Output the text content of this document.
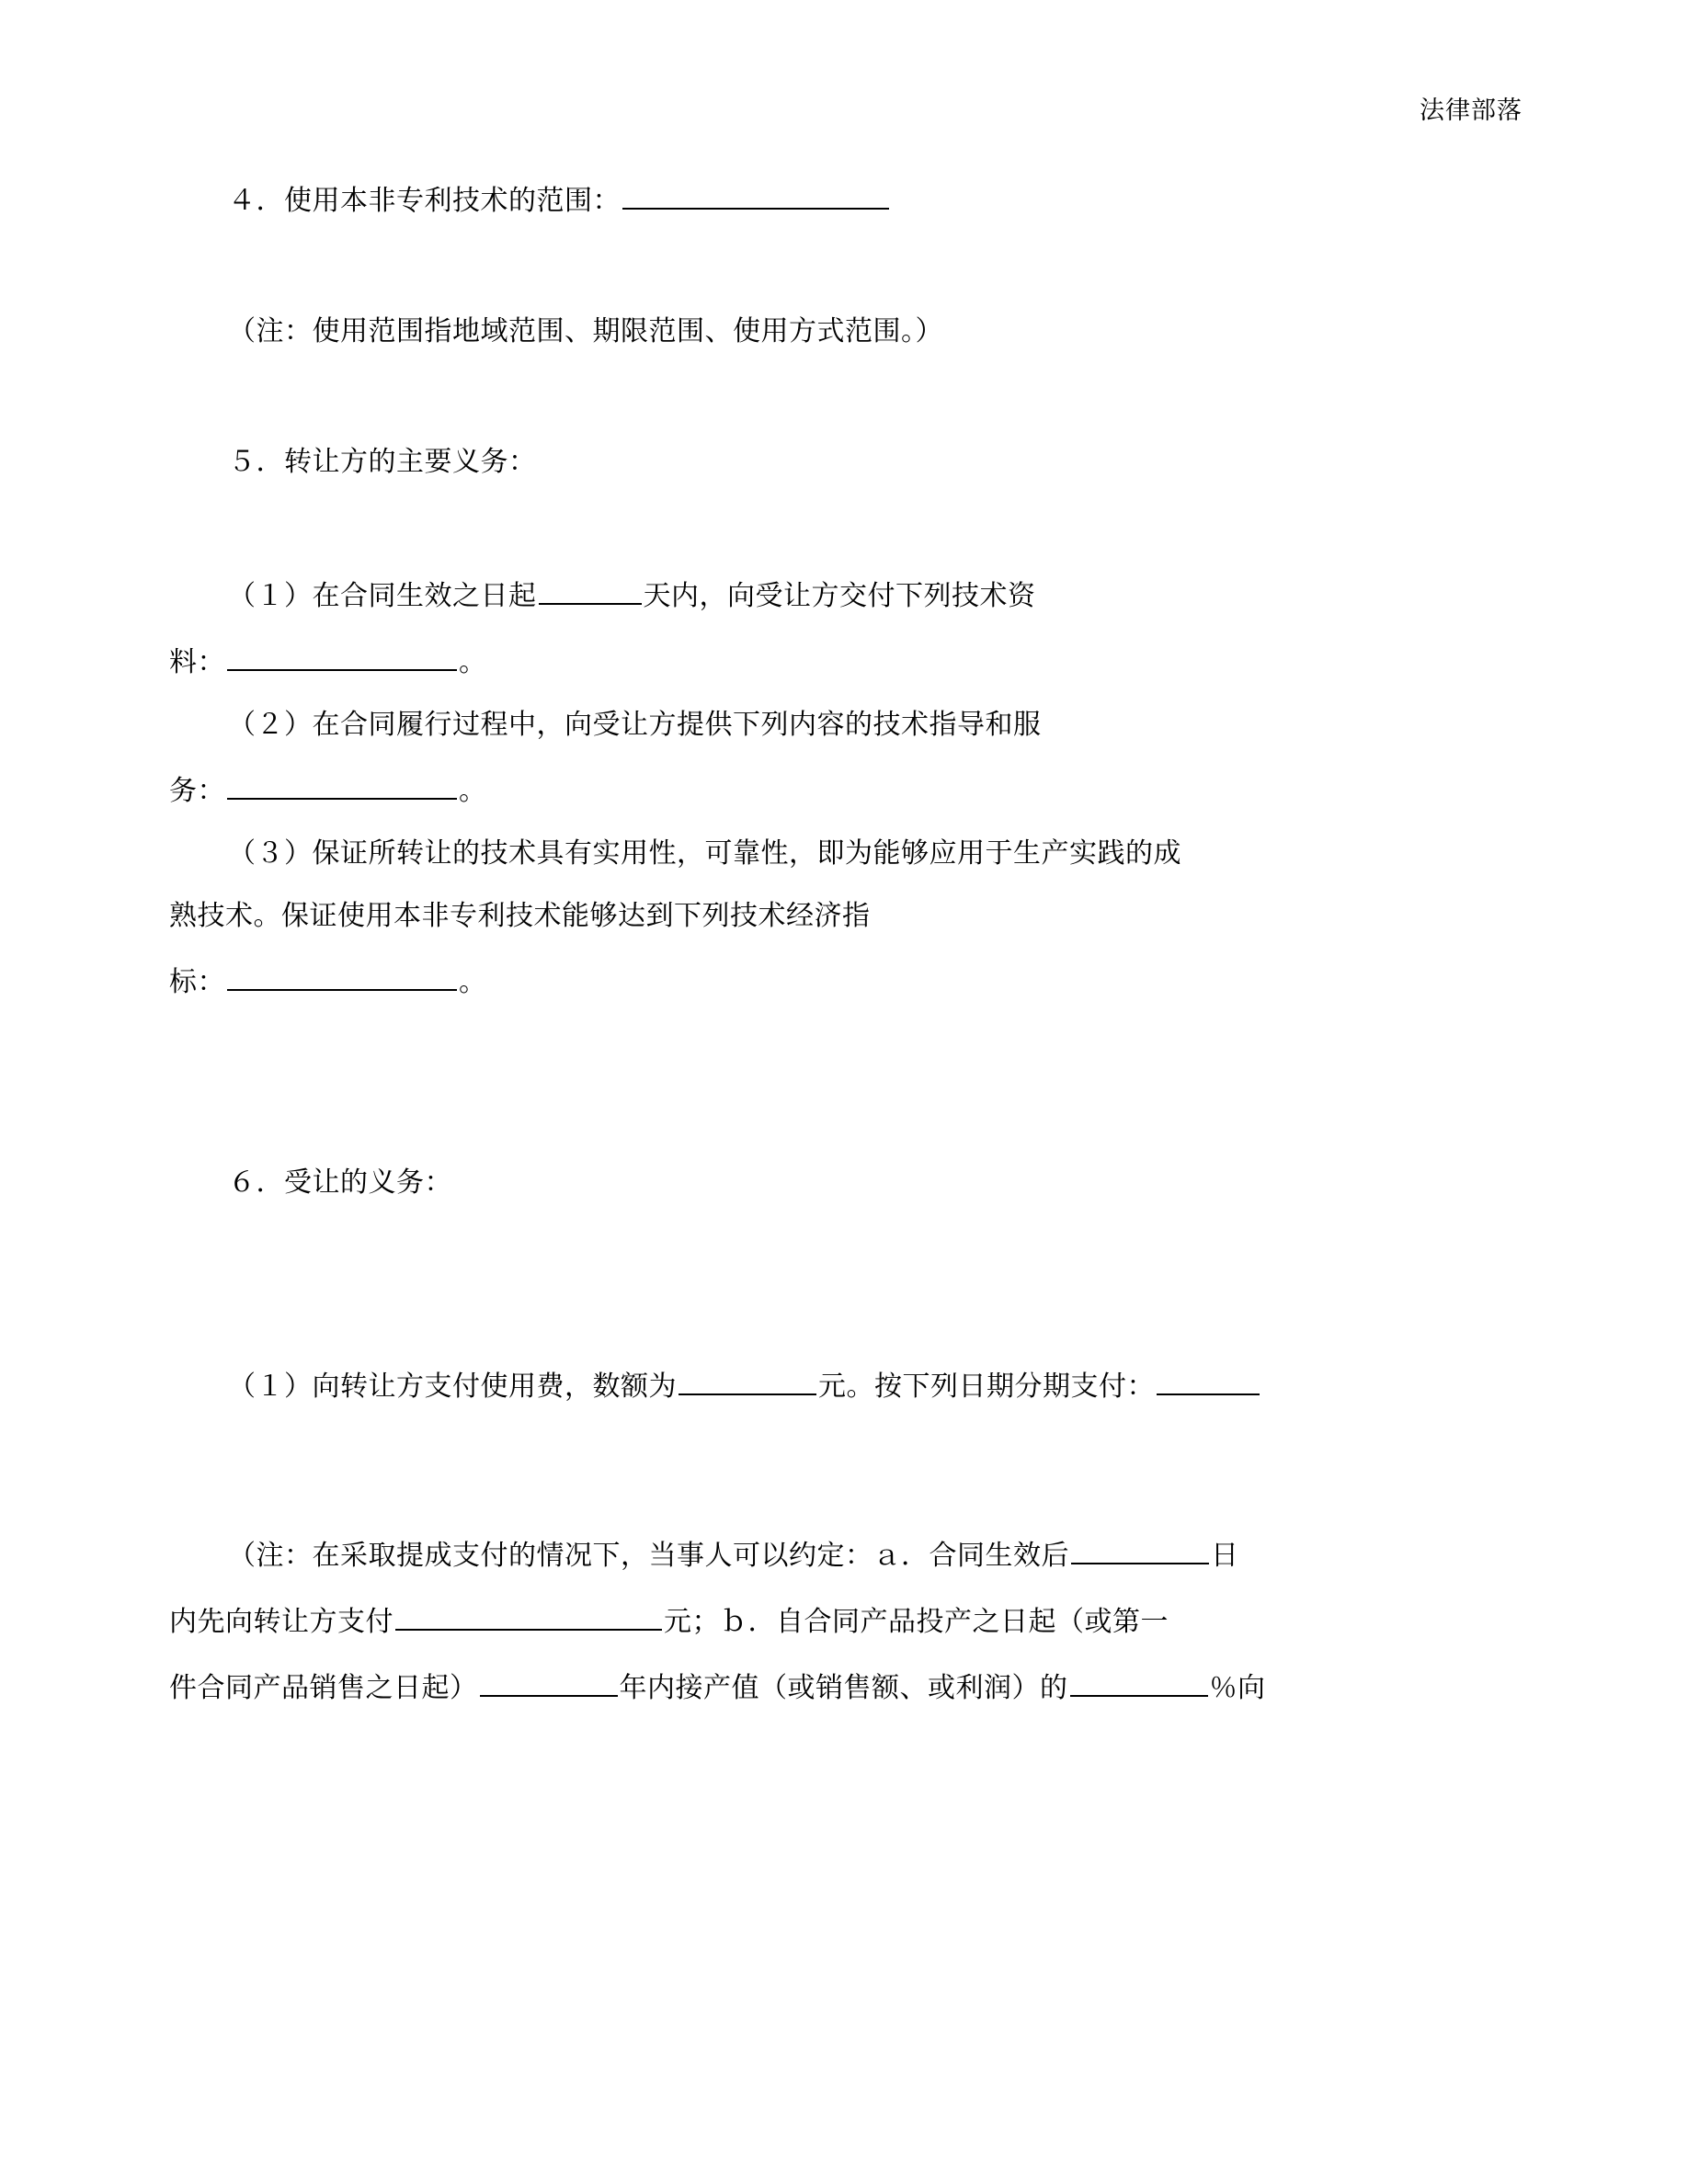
法律部落

４．使用本非专利技术的范围：

（注：使用范围指地域范围、期限范围、使用方式范围。）

５．转让方的主要义务：

（１）在合同生效之日起	天内，向受让方交付下列技术资

料：	。

（２）在合同履行过程中，向受让方提供下列内容的技术指导和服

务：	。

（３）保证所转让的技术具有实用性，可靠性，即为能够应用于生产实践的成

熟技术。保证使用本非专利技术能够达到下列技术经济指

标：	。

６．受让的义务：

（１）向转让方支付使用费，数额为	元。按下列日期分期支付：

（注：在采取提成支付的情况下，当事人可以约定：ａ．合同生效后	日

内先向转让方支付	元；ｂ．自合同产品投产之日起（或第一

件合同产品销售之日起）	年内接产值（或销售额、或利润）的	％向
